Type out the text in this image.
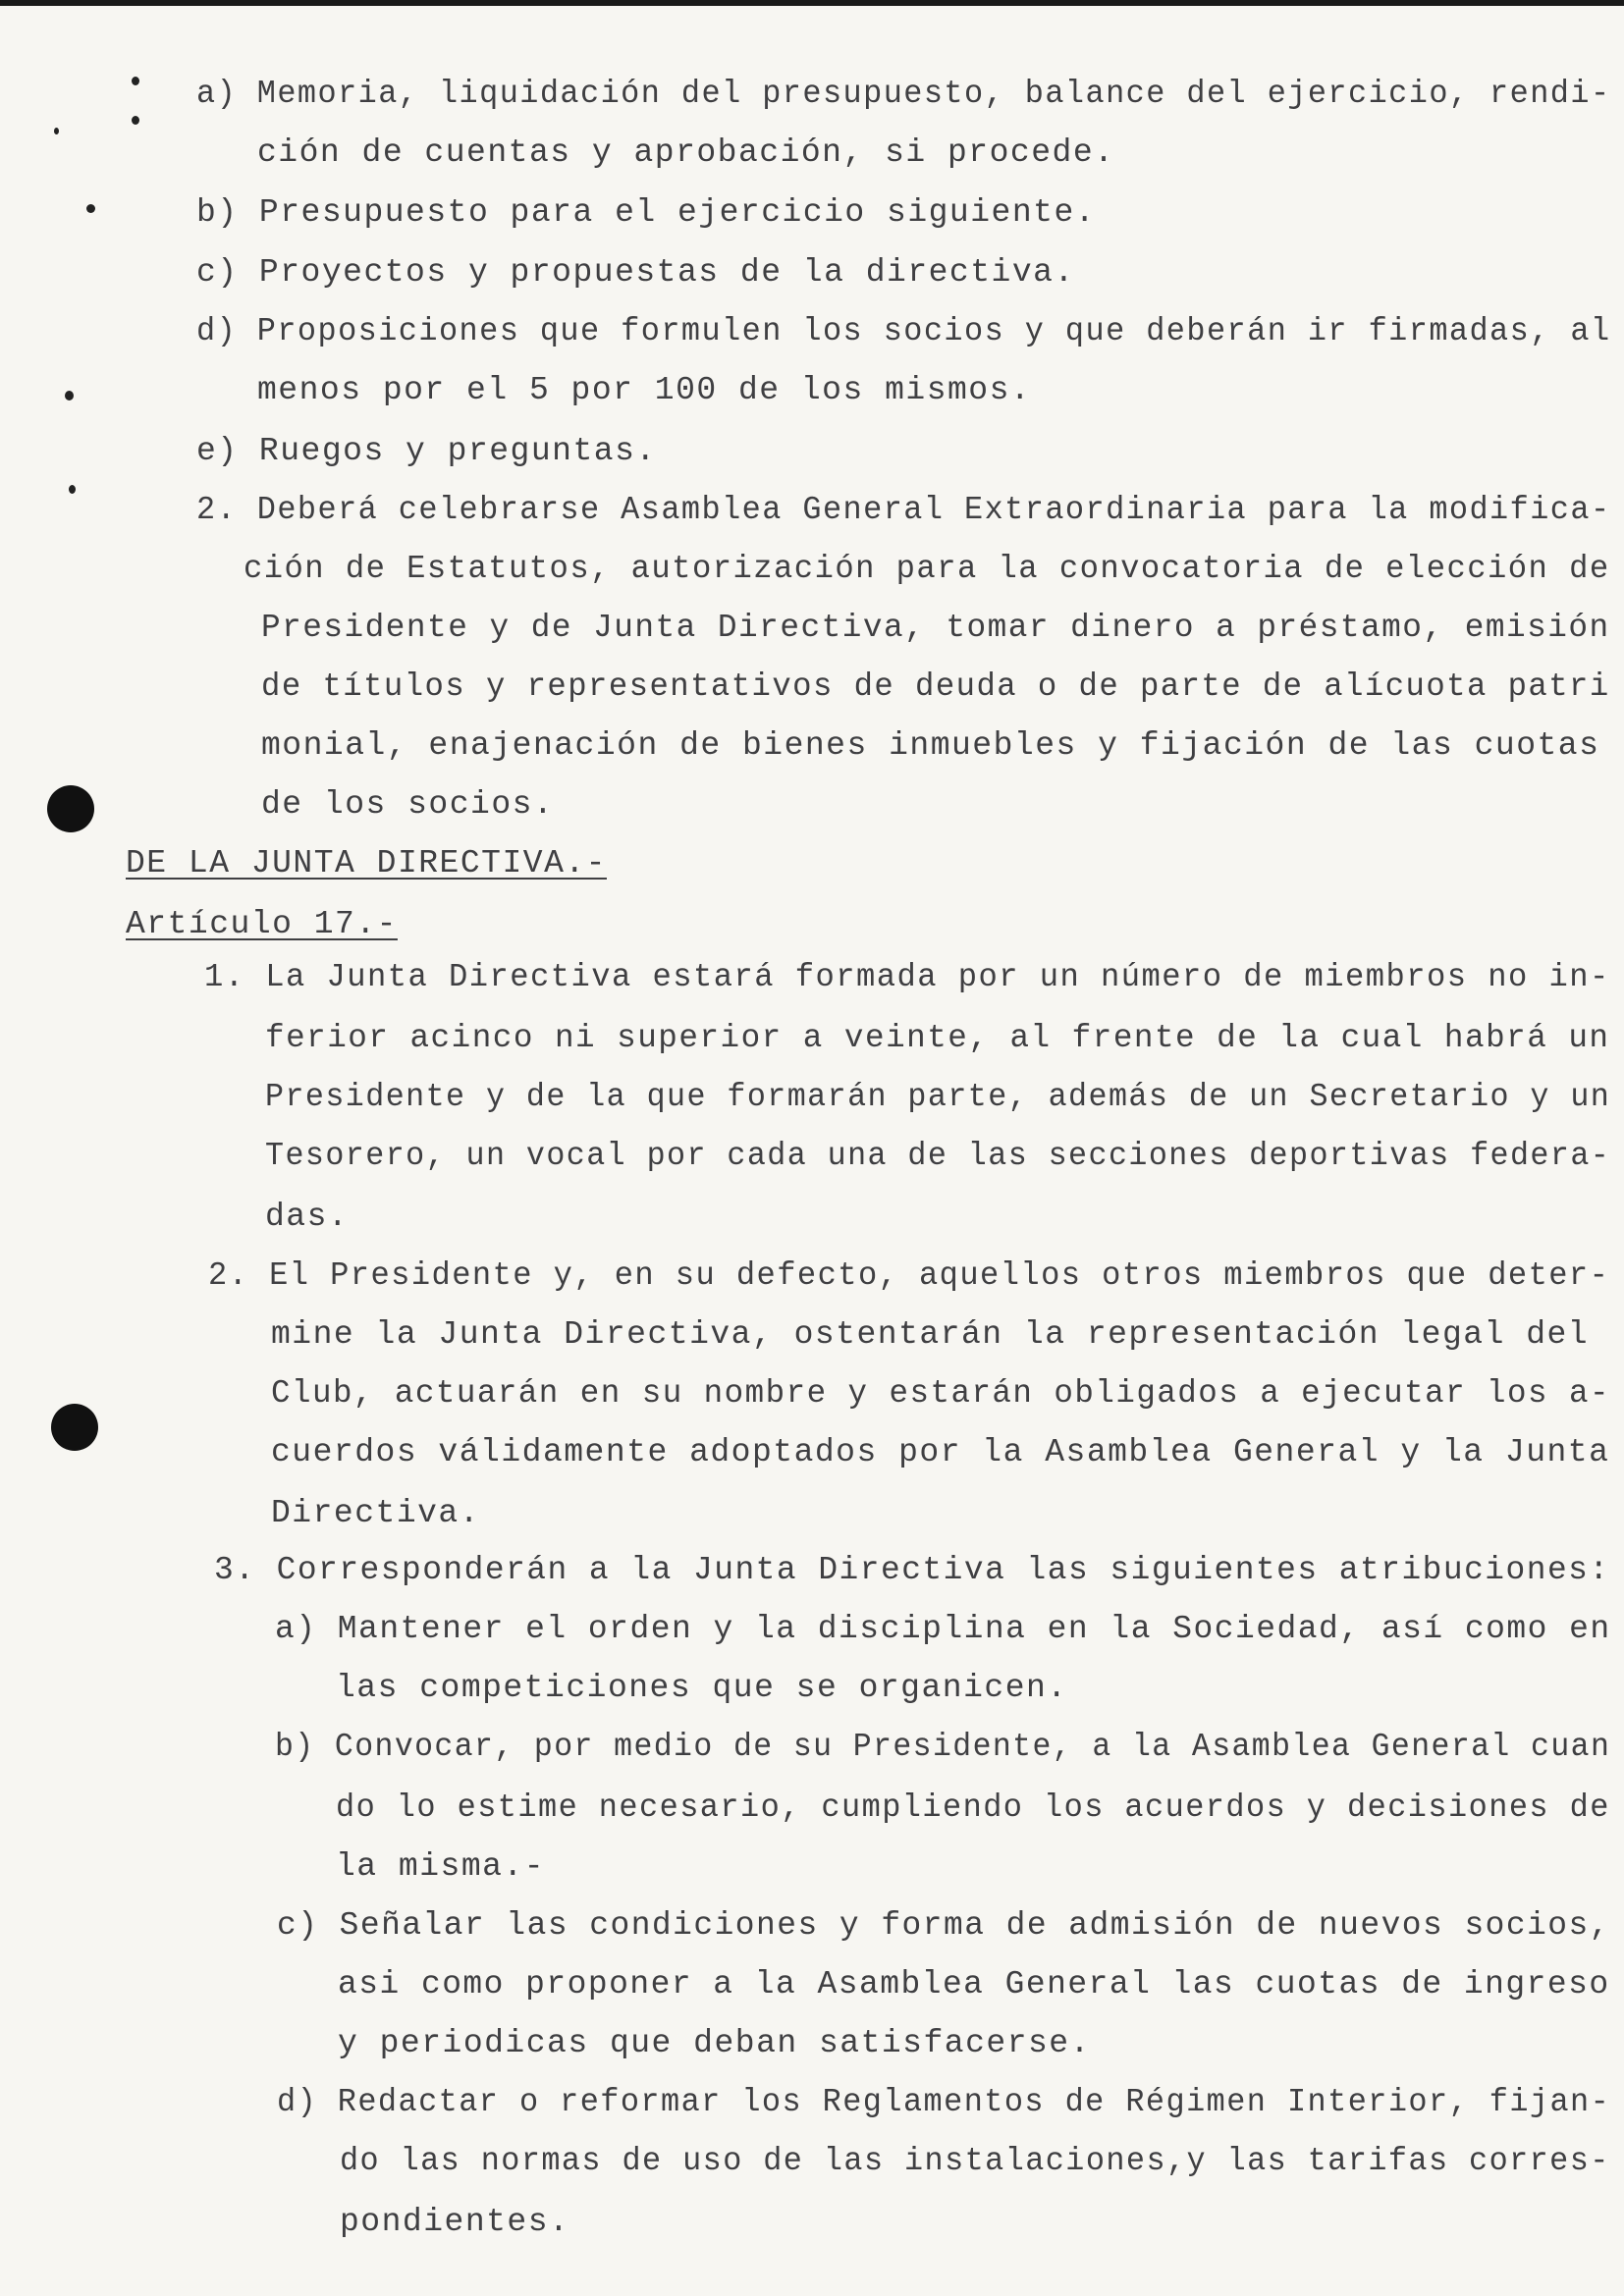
a) Memoria, liquidación del presupuesto, balance del ejercicio, rendi-
ción de cuentas y aprobación, si procede.
b) Presupuesto para el ejercicio siguiente.
c) Proyectos y propuestas de la directiva.
d) Proposiciones que formulen los socios y que deberán ir firmadas, al
menos por el 5 por 100 de los mismos.
e) Ruegos y preguntas.
2. Deberá celebrarse Asamblea General Extraordinaria para la modifica-
ción de Estatutos, autorización para la convocatoria de elección de
Presidente y de Junta Directiva, tomar dinero a préstamo, emisión
de títulos y representativos de deuda o de parte de alícuota patri
monial, enajenación de bienes inmuebles y fijación de las cuotas
de los socios.
DE LA JUNTA DIRECTIVA.-
Artículo 17.-
1. La Junta Directiva estará formada por un número de miembros no in-
ferior acinco ni superior a veinte, al frente de la cual habrá un
Presidente y de la que formarán parte, además de un Secretario y un
Tesorero, un vocal por cada una de las secciones deportivas federa-
das.
2. El Presidente y, en su defecto, aquellos otros miembros que deter-
mine la Junta Directiva, ostentarán la representación legal del
Club, actuarán en su nombre y estarán obligados a ejecutar los a-
cuerdos válidamente adoptados por la Asamblea General y la Junta
Directiva.
3. Corresponderán a la Junta Directiva las siguientes atribuciones:
a) Mantener el orden y la disciplina en la Sociedad, así como en
las competiciones que se organicen.
b) Convocar, por medio de su Presidente, a la Asamblea General cuan
do lo estime necesario, cumpliendo los acuerdos y decisiones de
la misma.-
c) Señalar las condiciones y forma de admisión de nuevos socios,
asi como proponer a la Asamblea General las cuotas de ingreso
y periodicas que deban satisfacerse.
d) Redactar o reformar los Reglamentos de Régimen Interior, fijan-
do las normas de uso de las instalaciones,y las tarifas corres-
pondientes.
